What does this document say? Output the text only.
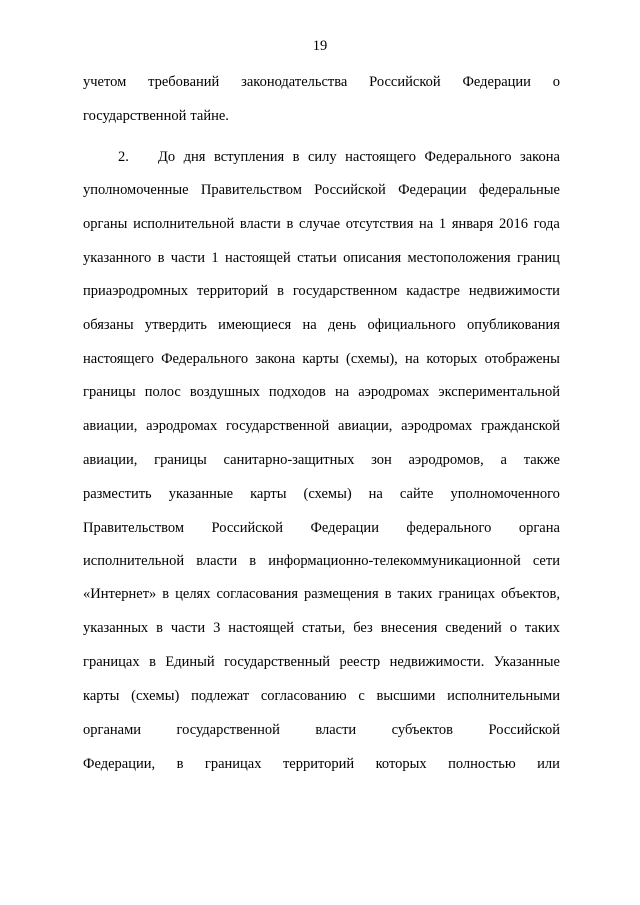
19
2.
учетом требований законодательства Российской Федерации о
государственной тайне.
До дня вступления в силу настоящего Федерального закона
уполномоченные Правительством Российской Федерации федеральные
органы исполнительной власти в случае отсутствия на 1 января 2016 года
указанного в части 1 настоящей статьи описания местоположения границ
приаэродромных территорий в государственном кадастре недвижимости
обязаны утвердить имеющиеся на день официального опубликования
настоящего Федерального закона карты (схемы), на которых отображены
границы полос воздушных подходов на аэродромах экспериментальной
авиации, аэродромах государственной авиации, аэродромах гражданской
авиации, границы санитарно-защитных зон аэродромов, а также
разместить указанные карты (схемы) на сайте уполномоченного
Правительством Российской Федерации федерального органа
исполнительной власти в информационно-телекоммуникационной сети
«Интернет» в целях согласования размещения в таких границах объектов,
указанных в части 3 настоящей статьи, без внесения сведений о таких
границах в Единый государственный реестр недвижимости. Указанные
карты (схемы) подлежат согласованию с высшими исполнительными
органами государственной власти субъектов Российской
Федерации, в границах территорий которых полностью или
